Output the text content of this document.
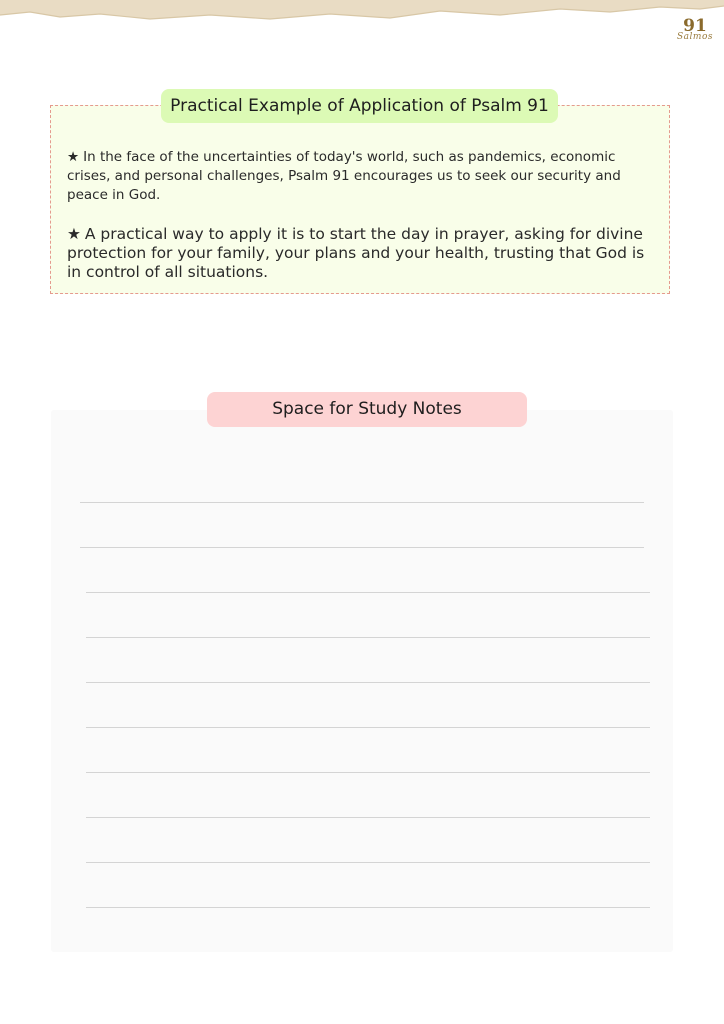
91
Salmos
Practical Example of Application of Psalm 91

★ In the face of the uncertainties of today's world, such as pandemics, economic crises, and personal challenges, Psalm 91 encourages us to seek our security and peace in God.

★ A practical way to apply it is to start the day in prayer, asking for divine protection for your family, your plans and your health, trusting that God is in control of all situations.

Space for Study Notes
